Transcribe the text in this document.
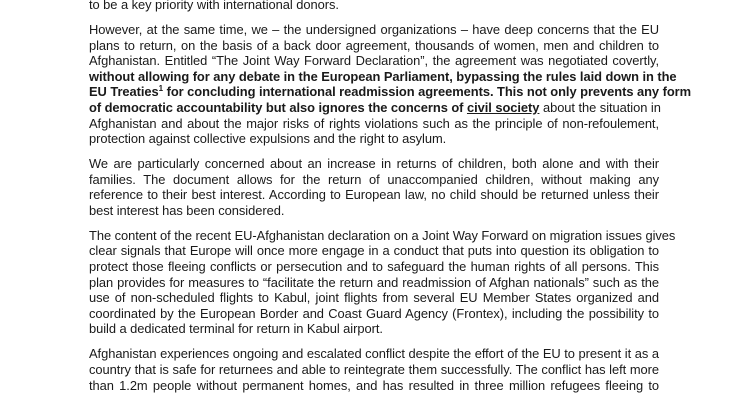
to be a key priority with international donors.

However, at the same time, we – the undersigned organizations – have deep concerns that the EU
plans to return, on the basis of a back door agreement, thousands of women, men and children to
Afghanistan. Entitled “The Joint Way Forward Declaration”, the agreement was negotiated covertly,
without allowing for any debate in the European Parliament, bypassing the rules laid down in the
EU Treaties$^1$ for concluding international readmission agreements. This not only prevents any form
of democratic accountability but also ignores the concerns of civil society about the situation in
Afghanistan and about the major risks of rights violations such as the principle of non-refoulement,
protection against collective expulsions and the right to asylum.

We are particularly concerned about an increase in returns of children, both alone and with their
families. The document allows for the return of unaccompanied children, without making any
reference to their best interest. According to European law, no child should be returned unless their
best interest has been considered.

The content of the recent EU-Afghanistan declaration on a Joint Way Forward on migration issues gives
clear signals that Europe will once more engage in a conduct that puts into question its obligation to
protect those fleeing conflicts or persecution and to safeguard the human rights of all persons. This
plan provides for measures to “facilitate the return and readmission of Afghan nationals” such as the
use of non-scheduled flights to Kabul, joint flights from several EU Member States organized and
coordinated by the European Border and Coast Guard Agency (Frontex), including the possibility to
build a dedicated terminal for return in Kabul airport.

Afghanistan experiences ongoing and escalated conflict despite the effort of the EU to present it as a
country that is safe for returnees and able to reintegrate them successfully. The conflict has left more
than 1.2m people without permanent homes, and has resulted in three million refugees fleeing to
